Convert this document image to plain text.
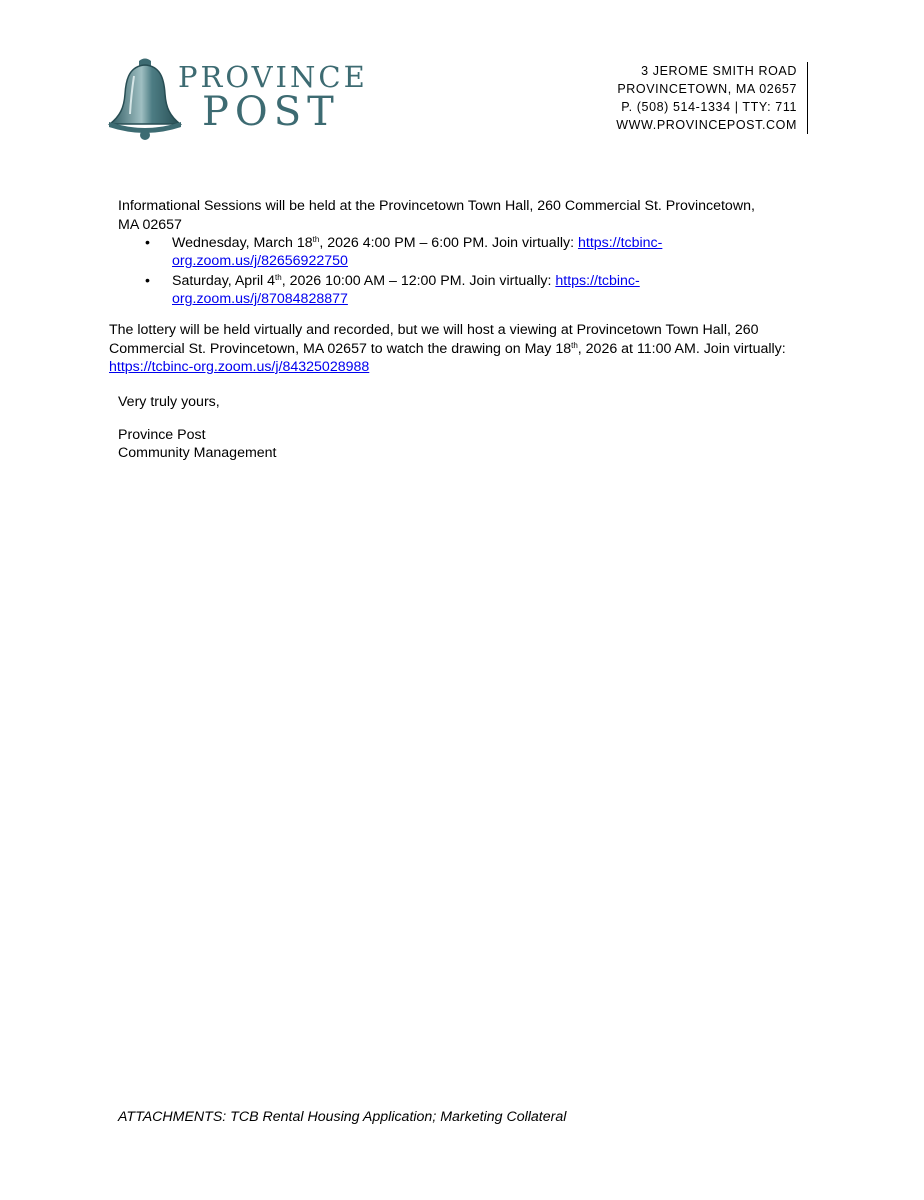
PROVINCE
POST
3 JEROME SMITH ROAD
PROVINCETOWN, MA 02657
P. (508) 514-1334 | TTY: 711
WWW.PROVINCEPOST.COM
Informational Sessions will be held at the Provincetown Town Hall, 260 Commercial St. Provincetown, MA 02657
• Wednesday, March 18th, 2026 4:00 PM – 6:00 PM. Join virtually: https://tcbinc-org.zoom.us/j/82656922750
• Saturday, April 4th, 2026 10:00 AM – 12:00 PM. Join virtually: https://tcbinc-org.zoom.us/j/87084828877
The lottery will be held virtually and recorded, but we will host a viewing at Provincetown Town Hall, 260 Commercial St. Provincetown, MA 02657 to watch the drawing on May 18th, 2026 at 11:00 AM. Join virtually: https://tcbinc-org.zoom.us/j/84325028988
Very truly yours,
Province Post
Community Management
ATTACHMENTS: TCB Rental Housing Application; Marketing Collateral
